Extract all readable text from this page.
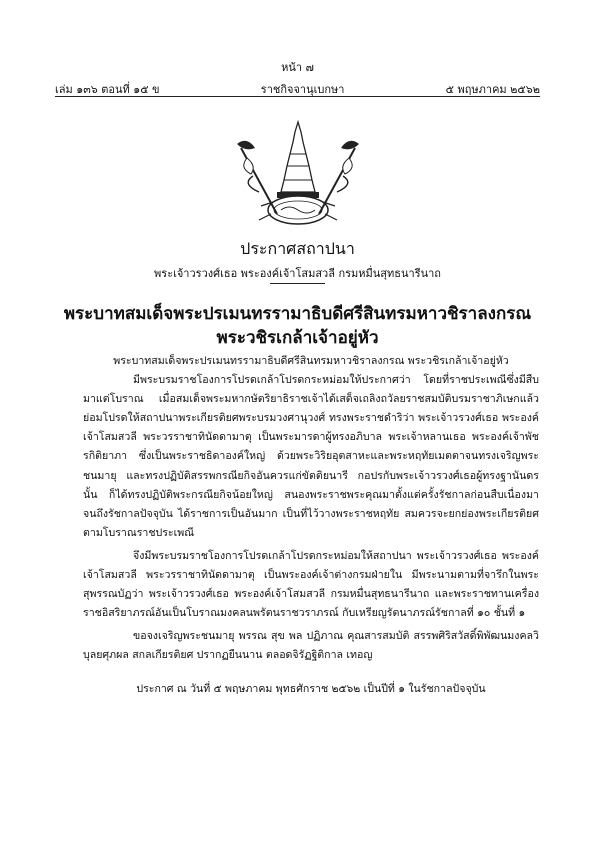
หน้า ๗
เล่ม ๑๓๖ ตอนที่ ๑๕ ข	ราชกิจจานุเบกษา	๕ พฤษภาคม ๒๕๖๒
ประกาศสถาปนา
พระเจ้าวรวงศ์เธอ พระองค์เจ้าโสมสวลี กรมหมื่นสุทธนารีนาถ
พระบาทสมเด็จพระปรเมนทรรามาธิบดีศรีสินทรมหาวชิราลงกรณ
พระวชิรเกล้าเจ้าอยู่หัว

พระบาทสมเด็จพระปรเมนทรรามาธิบดีศรีสินทรมหาวชิราลงกรณ พระวชิรเกล้าเจ้าอยู่หัว

มีพระบรมราชโองการโปรดเกล้าโปรดกระหม่อมให้ประกาศว่า โดยที่ราชประเพณีซึ่งมีสืบมาแต่โบราณ เมื่อสมเด็จพระมหากษัตริยาธิราชเจ้าได้เสด็จเถลิงถวัลยราชสมบัติบรมราชาภิเษกแล้ว ย่อมโปรดให้สถาปนาพระเกียรติยศพระบรมวงศานุวงศ์ ทรงพระราชดำริว่า พระเจ้าวรวงศ์เธอ พระองค์เจ้าโสมสวลี พระวรราชาทินัดดามาตุ เป็นพระมารดาผู้ทรงอภิบาล พระเจ้าหลานเธอ พระองค์เจ้าพัชรกิติยาภา ซึ่งเป็นพระราชธิดาองค์ใหญ่ ด้วยพระวิริยอุตสาหะและพระหฤทัยเมตตาจนทรงเจริญพระชนมายุ และทรงปฏิบัติสรรพกรณียกิจอันควรแก่ขัตติยนารี กอปรกับพระเจ้าวรวงศ์เธอผู้ทรงฐานันดรนั้น ก็ได้ทรงปฏิบัติพระกรณียกิจน้อยใหญ่ สนองพระราชพระคุณมาตั้งแต่ครั้งรัชกาลก่อนสืบเนื่องมาจนถึงรัชกาลปัจจุบัน ได้ราชการเป็นอันมาก เป็นที่ไว้วางพระราชหฤทัย สมควรจะยกย่องพระเกียรติยศตามโบราณราชประเพณี

จึงมีพระบรมราชโองการโปรดเกล้าโปรดกระหม่อมให้สถาปนา พระเจ้าวรวงศ์เธอ พระองค์เจ้าโสมสวลี พระวรราชาทินัดดามาตุ เป็นพระองค์เจ้าต่างกรมฝ่ายใน มีพระนามตามที่จารึกในพระสุพรรณบัฏว่า พระเจ้าวรวงศ์เธอ พระองค์เจ้าโสมสวลี กรมหมื่นสุทธนารีนาถ และพระราชทานเครื่องราชอิสริยาภรณ์อันเป็นโบราณมงคลนพรัตนราชวราภรณ์ กับเหรียญรัตนาภรณ์รัชกาลที่ ๑๐ ชั้นที่ ๑

ขอจงเจริญพระชนมายุ พรรณ สุข พล ปฏิภาณ คุณสารสมบัติ สรรพศิริสวัสดิ์พิพัฒนมงคลวิบุลยศุภผล สกลเกียรติยศ ปรากฏยืนนาน ตลอดจิรัฏฐิติกาล เทอญ

ประกาศ ณ วันที่ ๕ พฤษภาคม พุทธศักราช ๒๕๖๒ เป็นปีที่ ๑ ในรัชกาลปัจจุบัน
